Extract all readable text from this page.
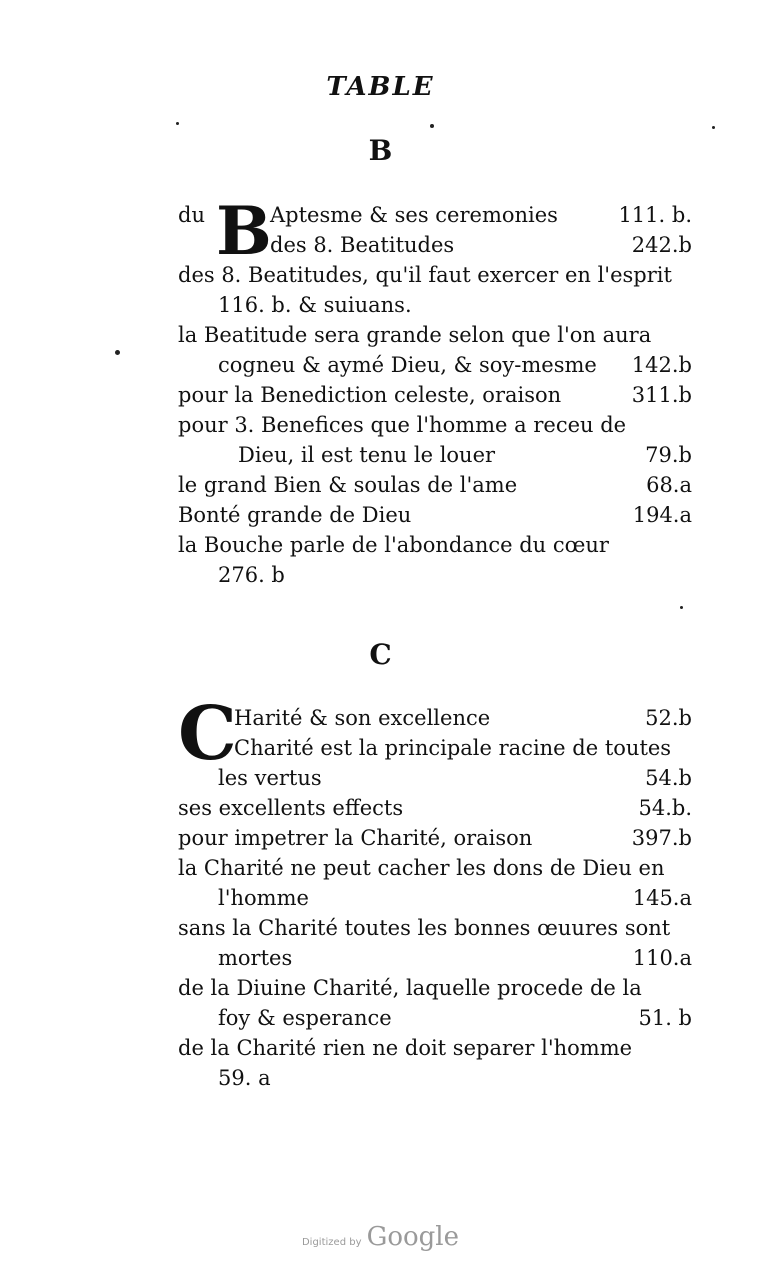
TABLE
B
du B
Aptesme & ses ceremonies	111. b.
des 8. Beatitudes	242.b
des 8. Beatitudes, qu'il faut exercer en l'esprit
116. b. & suiuans.
la Beatitude sera grande selon que l'on aura
cogneu & aymé Dieu, & soy-mesme 142.b
pour la Benediction celeste, oraison	311.b
pour 3. Benefices que l'homme a receu de
Dieu, il est tenu le louer	79.b
le grand Bien & soulas de l'ame	68.a
Bonté grande de Dieu	194.a
la Bouche parle de l'abondance du cœur
276. b
C
C
Harité & son excellence	52.b
Charité est la principale racine de toutes
les vertus	54.b
ses excellents effects	54.b.
pour impetrer la Charité, oraison	397.b
la Charité ne peut cacher les dons de Dieu en
l'homme	145.a
sans la Charité toutes les bonnes œuures sont
mortes	110.a
de la Diuine Charité, laquelle procede de la
foy & esperance	51. b
de la Charité rien ne doit separer l'homme
59. a
Digitized by Google
